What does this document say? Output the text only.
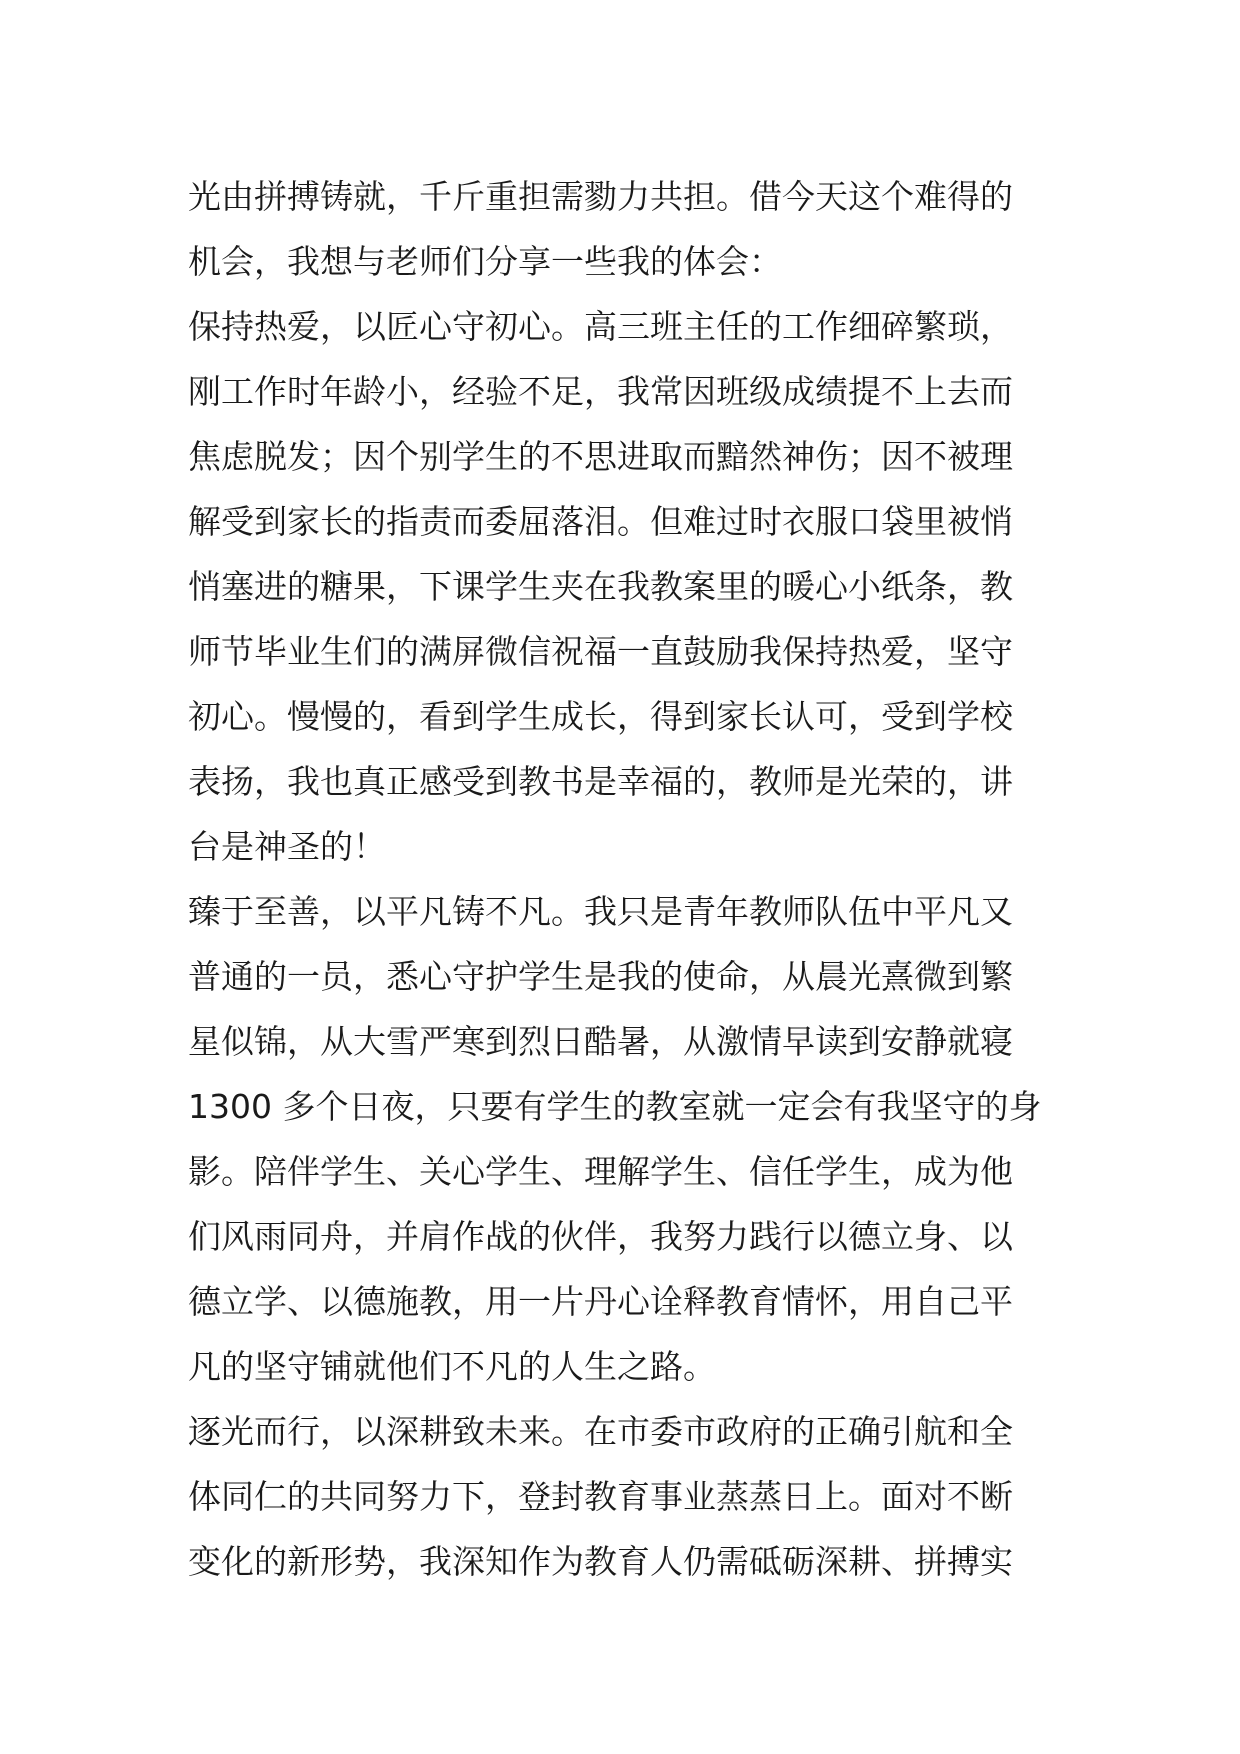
光由拼搏铸就，千斤重担需勠力共担。借今天这个难得的
机会，我想与老师们分享一些我的体会：
保持热爱，以匠心守初心。高三班主任的工作细碎繁琐，
刚工作时年龄小，经验不足，我常因班级成绩提不上去而
焦虑脱发；因个别学生的不思进取而黯然神伤；因不被理
解受到家长的指责而委屈落泪。但难过时衣服口袋里被悄
悄塞进的糖果，下课学生夹在我教案里的暖心小纸条，教
师节毕业生们的满屏微信祝福一直鼓励我保持热爱，坚守
初心。慢慢的，看到学生成长，得到家长认可，受到学校
表扬，我也真正感受到教书是幸福的，教师是光荣的，讲
台是神圣的！
臻于至善，以平凡铸不凡。我只是青年教师队伍中平凡又
普通的一员，悉心守护学生是我的使命，从晨光熹微到繁
星似锦，从大雪严寒到烈日酷暑，从激情早读到安静就寝
1300 多个日夜，只要有学生的教室就一定会有我坚守的身
影。陪伴学生、关心学生、理解学生、信任学生，成为他
们风雨同舟，并肩作战的伙伴，我努力践行以德立身、以
德立学、以德施教，用一片丹心诠释教育情怀，用自己平
凡的坚守铺就他们不凡的人生之路。
逐光而行，以深耕致未来。在市委市政府的正确引航和全
体同仁的共同努力下，登封教育事业蒸蒸日上。面对不断
变化的新形势，我深知作为教育人仍需砥砺深耕、拼搏实
